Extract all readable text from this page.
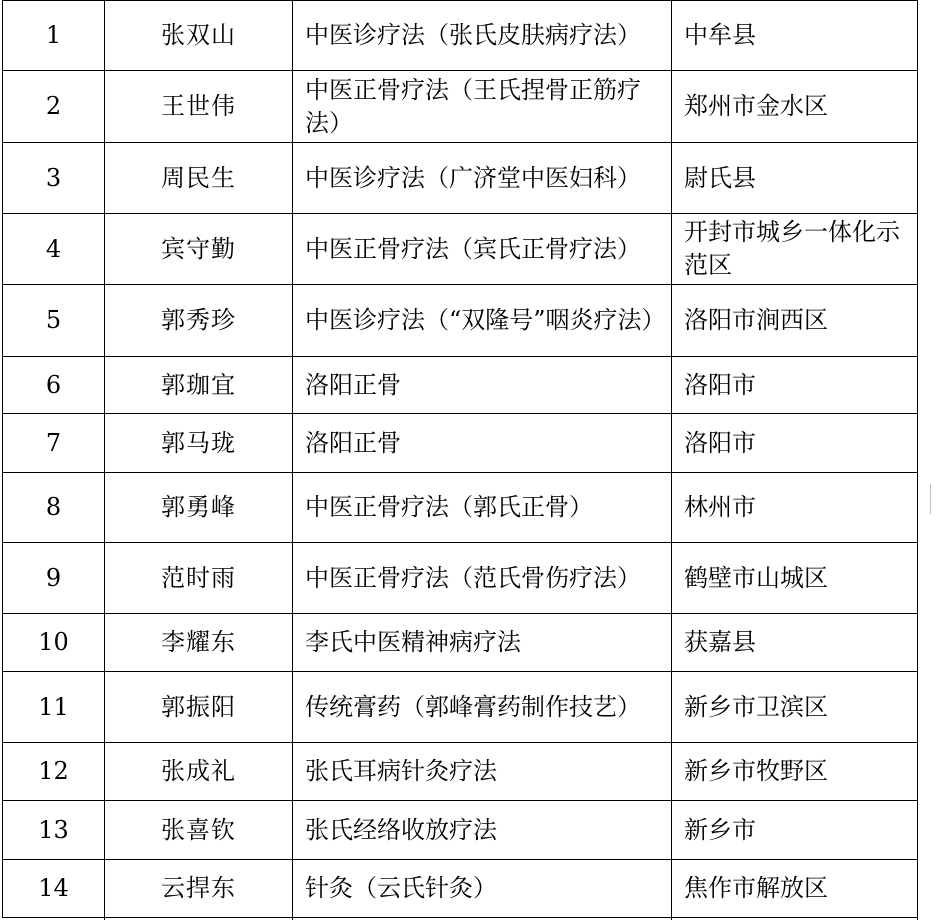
1	张双山	中医诊疗法（张氏皮肤病疗法）	中牟县
2	王世伟	中医正骨疗法（王氏捏骨正筋疗法）	郑州市金水区
3	周民生	中医诊疗法（广济堂中医妇科）	尉氏县
4	宾守勤	中医正骨疗法（宾氏正骨疗法）	开封市城乡一体化示范区
5	郭秀珍	中医诊疗法（“双隆号”咽炎疗法）	洛阳市涧西区
6	郭珈宜	洛阳正骨	洛阳市
7	郭马珑	洛阳正骨	洛阳市
8	郭勇峰	中医正骨疗法（郭氏正骨）	林州市
9	范时雨	中医正骨疗法（范氏骨伤疗法）	鹤壁市山城区
10	李耀东	李氏中医精神病疗法	获嘉县
11	郭振阳	传统膏药（郭峰膏药制作技艺）	新乡市卫滨区
12	张成礼	张氏耳病针灸疗法	新乡市牧野区
13	张喜钦	张氏经络收放疗法	新乡市
14	云捍东	针灸（云氏针灸）	焦作市解放区
